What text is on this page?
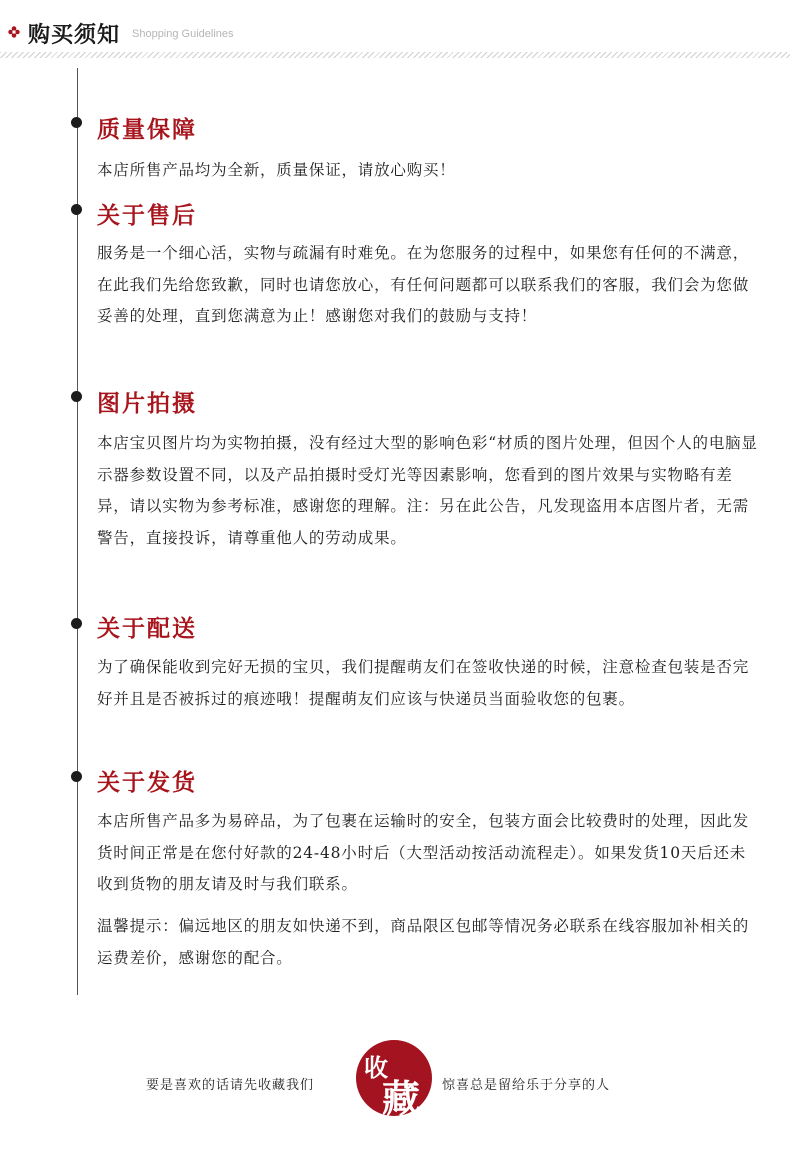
购买须知 Shopping Guidelines
质量保障

本店所售产品均为全新，质量保证，请放心购买！

关于售后

服务是一个细心活，实物与疏漏有时难免。在为您服务的过程中，如果您有任何的不满意，在此我们先给您致歉，同时也请您放心，有任何问题都可以联系我们的客服，我们会为您做妥善的处理，直到您满意为止！感谢您对我们的鼓励与支持！

图片拍摄

本店宝贝图片均为实物拍摄，没有经过大型的影响色彩“材质的图片处理，但因个人的电脑显示器参数设置不同，以及产品拍摄时受灯光等因素影响，您看到的图片效果与实物略有差异，请以实物为参考标准，感谢您的理解。注：另在此公告，凡发现盗用本店图片者，无需警告，直接投诉，请尊重他人的劳动成果。

关于配送

为了确保能收到完好无损的宝贝，我们提醒萌友们在签收快递的时候，注意检查包装是否完好并且是否被拆过的痕迹哦！提醒萌友们应该与快递员当面验收您的包裹。

关于发货

本店所售产品多为易碎品，为了包裹在运输时的安全，包装方面会比较费时的处理，因此发货时间正常是在您付好款的24-48小时后（大型活动按活动流程走）。如果发货10天后还未收到货物的朋友请及时与我们联系。

温馨提示：偏远地区的朋友如快递不到，商品限区包邮等情况务必联系在线容服加补相关的运费差价，感谢您的配合。

要是喜欢的话请先收藏我们
收
藏 惊喜总是留给乐于分享的人
